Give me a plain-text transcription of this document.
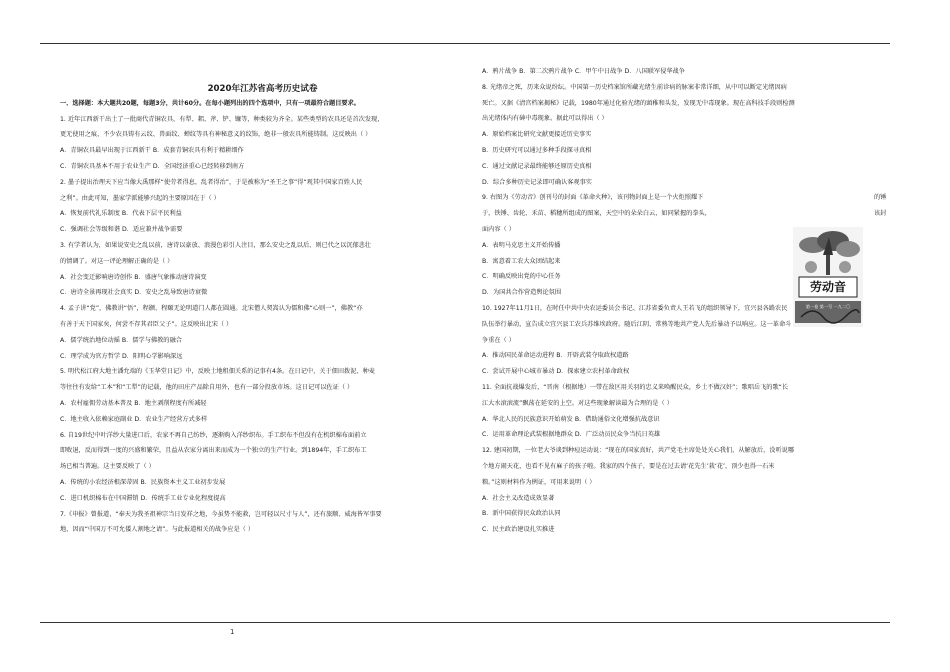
2020年江苏省高考历史试卷
一、选择题：本大题共20题，每题3分，共计60分。在每小题列出的四个选项中，只有一项最符合题目要求。
1. 近年江西新干出土了一批商代青铜农具，有犁、耜、斧、铲、镰等，种类较为齐全。某些类型的农具还是首次发现，
更无使用之痕，不少农具铸有云纹、兽面纹、蝉纹等具有神秘意义的纹饰，绝非一般农具所能铸制。这反映出（ ）
A．青铜农具最早出现于江西新干 B．成套青铜农具有利于精耕细作
C．青铜农具基本不用于农业生产 D．全国经济重心已经转移到南方
2. 墨子提出治理天下应当像大禹那样“使劳者得息，乱者得治”，于是被称为“圣王之事”得“观其中国家百姓人民
之利”。由此可知，墨家学派能够兴起的主要原因在于（ ）
A．恢复前代礼乐制度 B．代表下层平民利益
C．强调社会等级和谐 D．适应兼并战争需要
3. 有学者认为，如果说安史之乱以前，唐诗以豪放、浪漫色彩引人注目，那么安史之乱以后，则已代之以沉郁悲壮
的情调了。对这一评论理解正确的是（ ）
A．社会变迁影响唐诗创作 B．盛唐气象推动唐诗演变
C．唐诗全景再现社会真实 D．安史之乱导致唐诗衰微
4. 孟子讲“党”，佛教讲“悟”，程颢、程颐无论明道门人都在圆通。北宋僧人契嵩认为儒和佛“心则一”，佛教“亦
有善于天下国家矣，何尝不存其君臣父子”。这反映出北宋（ ）
A．儒学统治地位动摇 B．儒学与佛教的融合
C．理学成为官方哲学 D．阳明心学影响深远
5. 明代松江府大地主潘允端的《玉华堂日记》中，反映土地租佃关系的记事有4条。在日记中，关于佃田拨泥、种麦
等往往有发给“工本”和“工犁”的记载，他的田庄产品除自用外，也有一部分投放市场。这日记可以佐证（ ）
A．农村雇佣劳动基本普及 B．地主剥削程度有所减轻
C．地主收入依赖家庭副业 D．农业生产经营方式多样
6. 自19世纪中叶洋纱大量进口后，农家不再自己纺纱，逐渐购入洋纱织布。手工织布不但没有在机织棉布面前立
即败退，反而得到一度的兴盛和繁荣，且益从农家分离出来而成为一个独立的生产行业。到1894年，手工织布工
场已相当普遍。这主要反映了（ ）
A．传统的小农经济根深蒂固 B．民族资本主义工业初步发展
C．进口机织棉布在中国滞销 D．传统手工业专业化程度提高
7.《申报》曾报道，“奉天为我圣祖神宗当日发祥之地，今虽势不能救，岂可轻以尺寸与人”，还有旅顺、威海皆军事要
地，因而“中国万不可允倭人割地之请”。与此报道相关的战争应是（ ）
A．鸦片战争 B．第二次鸦片战争 C．甲午中日战争 D．八国联军侵华战争
8. 光绪帝之死，历来众说纷纭。中国第一历史档案馆所藏光绪生前诊病的脉案非常详细，从中可以断定光绪因病
死亡。又据《清宫档案揭秘》记载，1980年通过化验光绪的頭稚和头发，发现无中毒现象。现在高科技手段则检测
出光绪体内有砷中毒现象。据此可以得出（ ）
A．原始档案比研究文献更接近历史事实
B．历史研究可以通过多种手段探寻真相
C．通过文献记录最终能够还原历史真相
D．综合多种历史记录即可确认客观事实
9. 右图为《劳动音》创刊号的封面《革命火种》，该刊物封面上是一个火炬照耀下
于，铁锤、齿轮、禾苗、稻穗所组成的图案，天空中的朵朵白云，如同紧握的拳头，
面内容（ ）
A．表明马克思主义开始传播
B．寓意着工农大众团结起来
C．明确反映出党的中心任务
D．为国共合作营造舆论氛围
10. 1927年11月1日，在时任中共中央农运委员会书记、江苏省委负责人王若飞的组织领导下，宜兴县各路农民
队伍举行暴动，宣告成立宜兴县工农兵苏维埃政府。随后江阴、常熟等地共产党人先后暴动予以响应。这一革命斗
争重在（ ）
A．推动国民革命运动进程 B．开辟武装夺取政权道路
C．尝试开展中心城市暴动 D．探索建立农村革命政权
11. 全面抗战爆发后，“晋南（根据地）一带在敌区用关羽的忠义来唤醒民众，乡土不做汉奸”；歌唱岳飞的歌“长
江大水滚滚流”飘荡在延安的上空。对这些现象解读最为合理的是（ ）
A．华北人民的民族意识开始萌发 B．借助通俗文化增强抗战意识
C．运用革命理论武装根据地群众 D．广泛动员民众争当抗日英雄
12. 建国初期，一位老大爷谈到种痘运动说：“现在的国家真好，共产党毛主席处处关心我们，从解放后，没听说哪
个地方闹天花，也看不见有麻子的孩子啦。我家的四个孩子，要是在过去请‘花先生’栽‘花’，顶少也得一石米
粮。”这则材料作为例证，可用来说明（ ）
A．社会主义改造成效显著
B．新中国获得民众政治认同
C．民主政治建设扎实推进
的锤
该封
劳动音
第一卷 第一号 一九二〇
1
